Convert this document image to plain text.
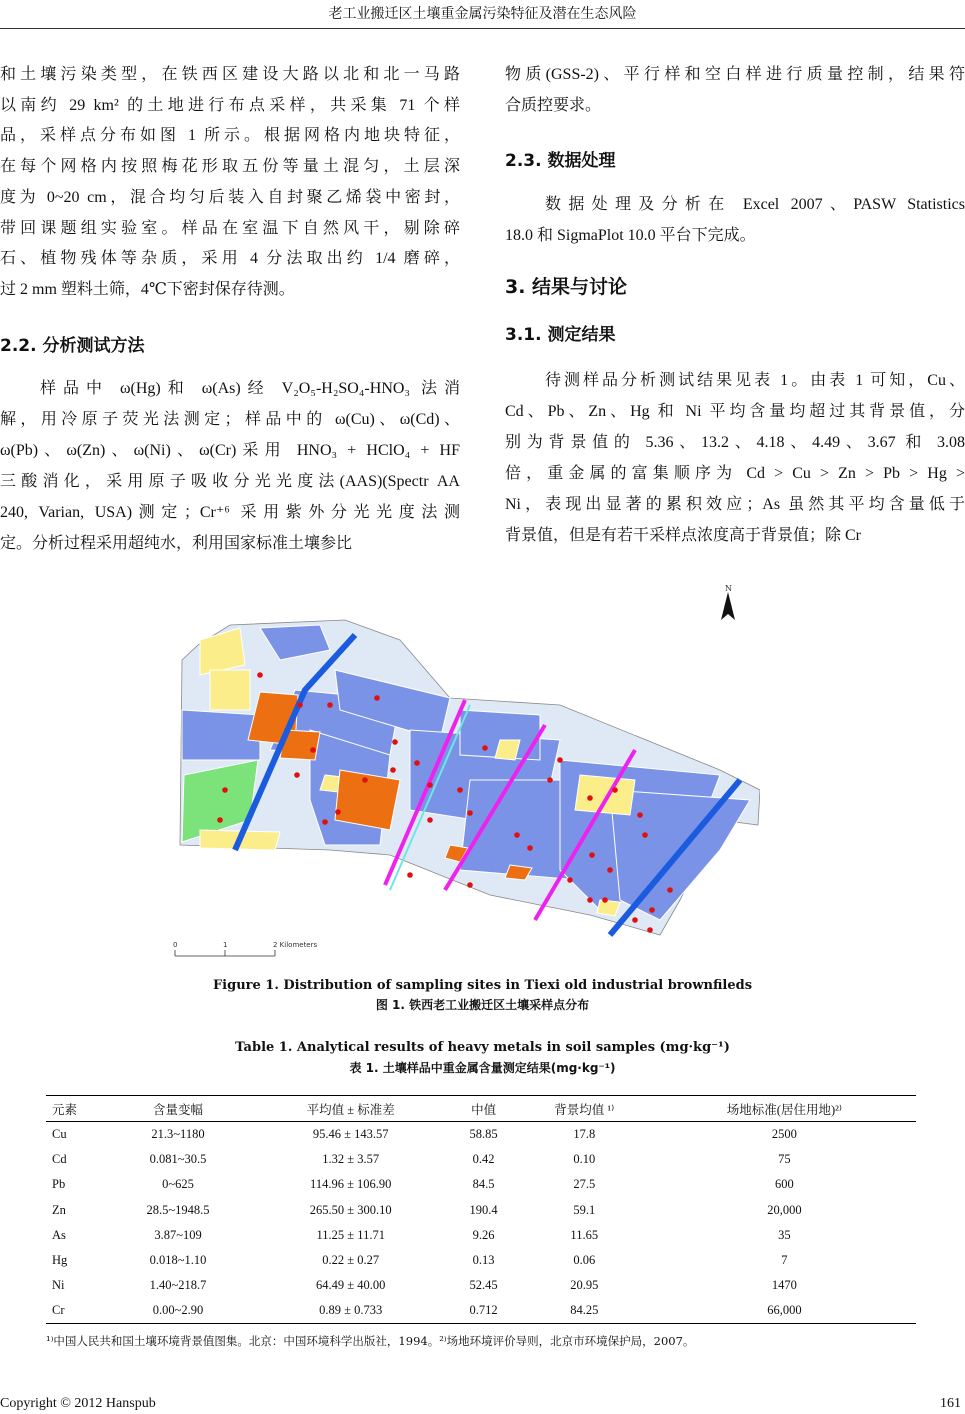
老工业搬迁区土壤重金属污染特征及潜在生态风险
和土壤污染类型，在铁西区建设大路以北和北一马路
以南约 29 km² 的土地进行布点采样，共采集 71 个样
品，采样点分布如图 1 所示。根据网格内地块特征，
在每个网格内按照梅花形取五份等量土混匀，土层深
度为 0~20 cm，混合均匀后装入自封聚乙烯袋中密封，
带回课题组实验室。样品在室温下自然风干，剔除碎
石、植物残体等杂质，采用 4 分法取出约 1/4 磨碎，
过 2 mm 塑料土筛，4℃下密封保存待测。
2.2. 分析测试方法
样品中 ω(Hg)和 ω(As)经 V₂O₅-H₂SO₄-HNO₃ 法消
解，用冷原子荧光法测定；样品中的 ω(Cu)、ω(Cd)、
ω(Pb)、ω(Zn)、ω(Ni)、ω(Cr)采用 HNO₃ + HClO₄ + HF
三酸消化，采用原子吸收分光光度法(AAS)(Spectr AA
240, Varian, USA)测定；Cr⁺⁶ 采用紫外分光光度法测
定。分析过程采用超纯水，利用国家标准土壤参比
物质(GSS-2)、平行样和空白样进行质量控制，结果符
合质控要求。
2.3. 数据处理
数据处理及分析在 Excel 2007、PASW Statistics
18.0 和 SigmaPlot 10.0 平台下完成。
3. 结果与讨论
3.1. 测定结果
待测样品分析测试结果见表 1。由表 1 可知，Cu、
Cd、Pb、Zn、Hg 和 Ni 平均含量均超过其背景值，分
别为背景值的 5.36、13.2、4.18、4.49、3.67 和 3.08
倍，重金属的富集顺序为 Cd > Cu > Zn > Pb > Hg >
Ni，表现出显著的累积效应；As 虽然其平均含量低于
背景值，但是有若干采样点浓度高于背景值；除 Cr
N
0	1	2 Kilometers
Figure 1. Distribution of sampling sites in Tiexi old industrial brownfileds
图 1. 铁西老工业搬迁区土壤采样点分布
Table 1. Analytical results of heavy metals in soil samples (mg·kg⁻¹)
表 1. 土壤样品中重金属含量测定结果(mg·kg⁻¹)
元素	含量变幅	平均值 ± 标准差	中值	背景均值 ¹⁾	场地标准(居住用地)²⁾
Cu	21.3~1180	95.46 ± 143.57	58.85	17.8	2500
Cd	0.081~30.5	1.32 ± 3.57	0.42	0.10	75
Pb	0~625	114.96 ± 106.90	84.5	27.5	600
Zn	28.5~1948.5	265.50 ± 300.10	190.4	59.1	20,000
As	3.87~109	11.25 ± 11.71	9.26	11.65	35
Hg	0.018~1.10	0.22 ± 0.27	0.13	0.06	7
Ni	1.40~218.7	64.49 ± 40.00	52.45	20.95	1470
Cr	0.00~2.90	0.89 ± 0.733	0.712	84.25	66,000
¹⁾中国人民共和国土壤环境背景值图集。北京：中国环境科学出版社，1994。²⁾场地环境评价导则，北京市环境保护局，2007。
Copyright © 2012 Hanspub	161
